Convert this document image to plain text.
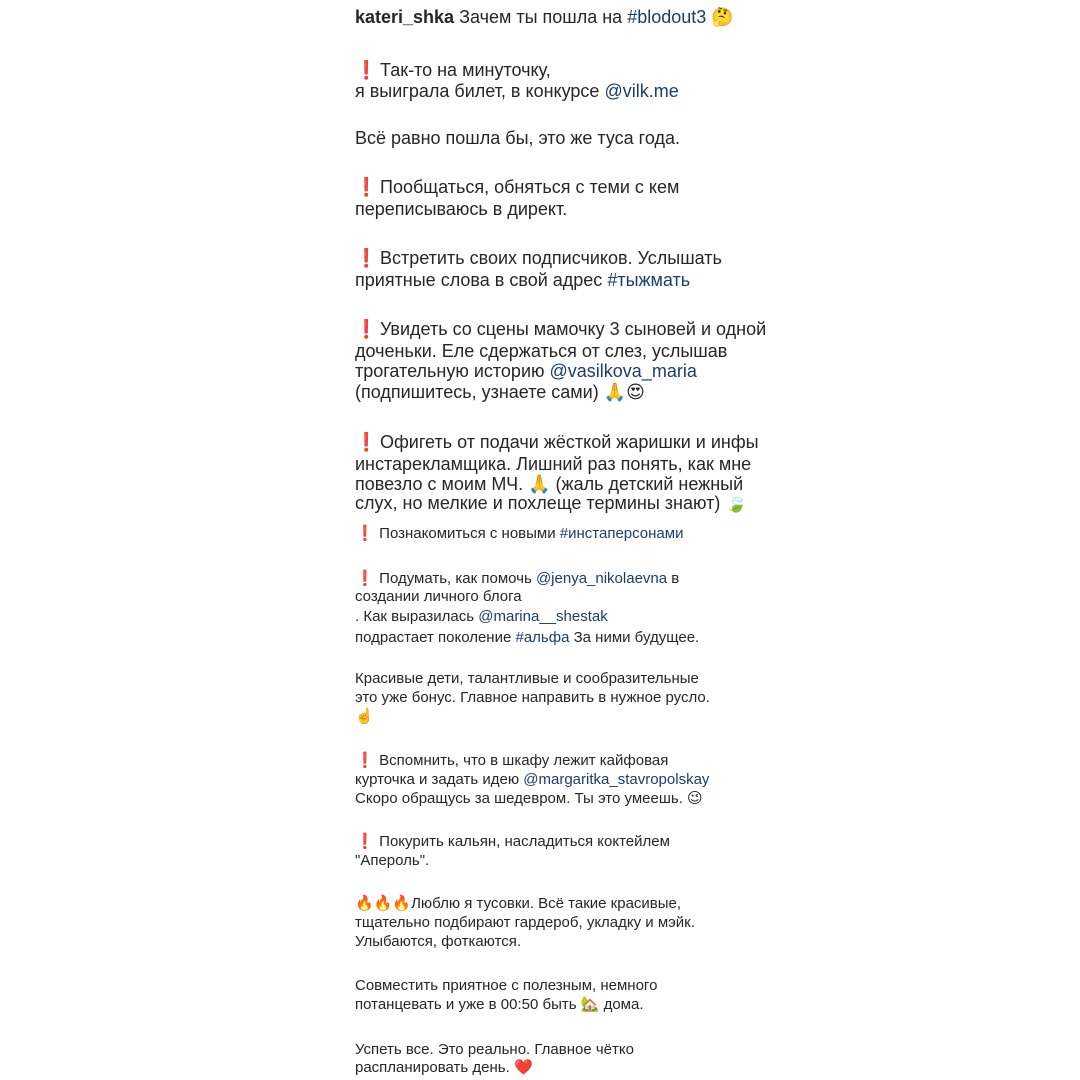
kateri_shka Зачем ты пошла на #blodout3 🤔
❗ Так-то на минуточку,
я выиграла билет, в конкурсе @vilk.me
Всё равно пошла бы, это же туса года.
❗ Пообщаться, обняться с теми с кем
переписываюсь в директ.
❗ Встретить своих подписчиков. Услышать
приятные слова в свой адрес #тыжмать
❗ Увидеть со сцены мамочку 3 сыновей и одной
доченьки. Еле сдержаться от слез, услышав
трогательную историю @vasilkova_maria
(подпишитесь, узнаете сами) 🙏😍
❗ Офигеть от подачи жёсткой жаришки и инфы
инстарекламщика. Лишний раз понять, как мне
повезло с моим МЧ. 🙏 (жаль детский нежный
слух, но мелкие и похлеще термины знают) 🍃
❗ Познакомиться с новыми #инстаперсонами
❗ Подумать, как помочь @jenya_nikolaevna в
создании личного блога
. Как выразилась @marina__shestak
подрастает поколение #альфа За ними будущее.
Красивые дети, талантливые и сообразительные
это уже бонус. Главное направить в нужное русло.
☝️
❗ Вспомнить, что в шкафу лежит кайфовая
курточка и задать идею @margaritka_stavropolskay
Скоро обращусь за шедевром. Ты это умеешь. 😉
❗ Покурить кальян, насладиться коктейлем
"Апероль".
🔥🔥🔥Люблю я тусовки. Всё такие красивые,
тщательно подбирают гардероб, укладку и мэйк.
Улыбаются, фоткаются.
Совместить приятное с полезным, немного
потанцевать и уже в 00:50 быть 🏡 дома.
Успеть все. Это реально. Главное чётко
распланировать день. ❤️
